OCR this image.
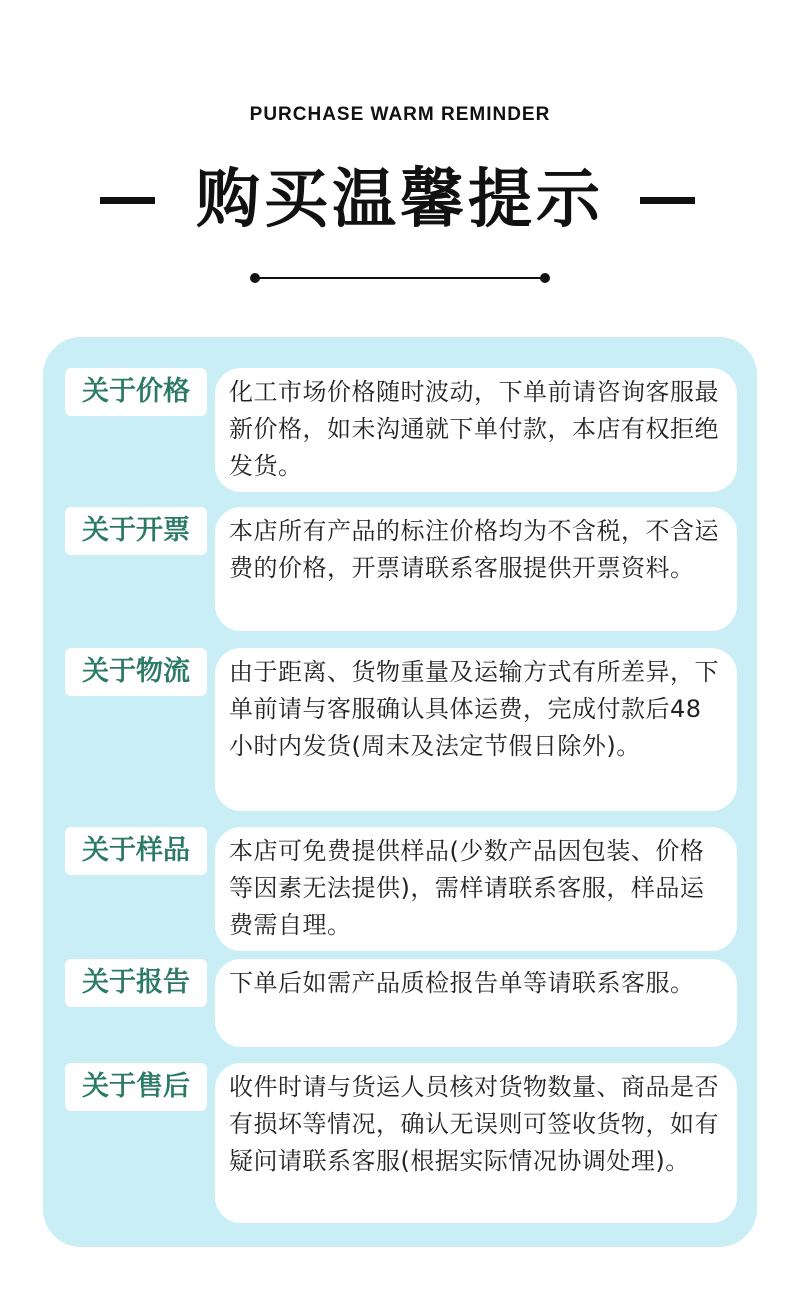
PURCHASE WARM REMINDER
购买温馨提示
关于价格	化工市场价格随时波动，下单前请咨询客服最新价格，如未沟通就下单付款，本店有权拒绝发货。
关于开票	本店所有产品的标注价格均为不含税，不含运费的价格，开票请联系客服提供开票资料。
关于物流	由于距离、货物重量及运输方式有所差异，下单前请与客服确认具体运费，完成付款后48小时内发货(周末及法定节假日除外)。
关于样品	本店可免费提供样品(少数产品因包装、价格等因素无法提供)，需样请联系客服，样品运费需自理。
关于报告	下单后如需产品质检报告单等请联系客服。
关于售后	收件时请与货运人员核对货物数量、商品是否有损坏等情况，确认无误则可签收货物，如有疑问请联系客服(根据实际情况协调处理)。
